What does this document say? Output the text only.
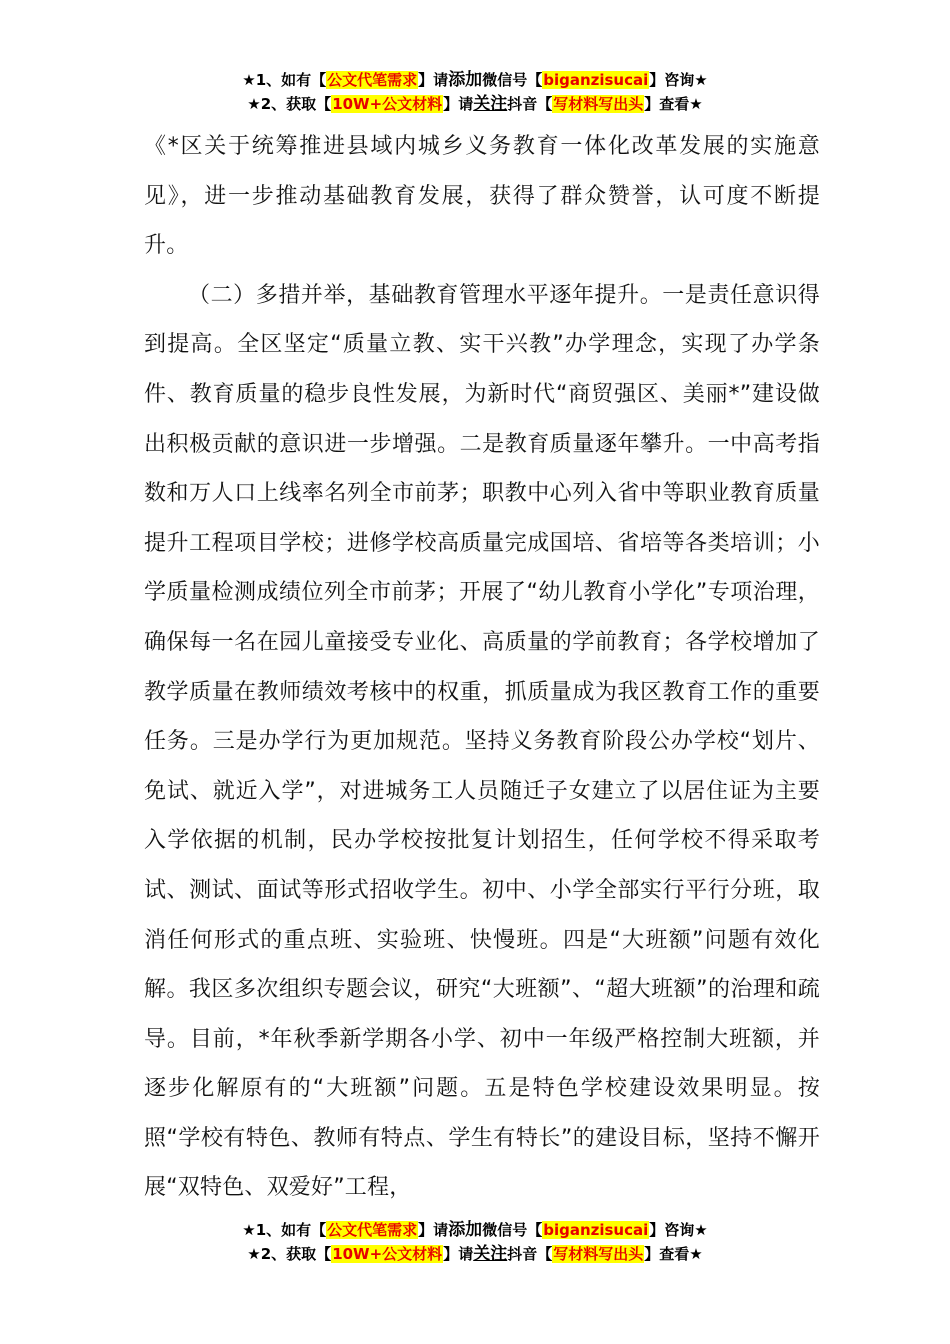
★1、如有【公文代笔需求】请添加微信号【biganzisucai】咨询★
★2、获取【10W+公文材料】请关注抖音【写材料写出头】查看★

《*区关于统筹推进县域内城乡义务教育一体化改革发展的实施意见》，进一步推动基础教育发展，获得了群众赞誉，认可度不断提升。

（二）多措并举，基础教育管理水平逐年提升。一是责任意识得到提高。全区坚定“质量立教、实干兴教”办学理念，实现了办学条件、教育质量的稳步良性发展，为新时代“商贸强区、美丽*”建设做出积极贡献的意识进一步增强。二是教育质量逐年攀升。一中高考指数和万人口上线率名列全市前茅；职教中心列入省中等职业教育质量提升工程项目学校；进修学校高质量完成国培、省培等各类培训；小学质量检测成绩位列全市前茅；开展了“幼儿教育小学化”专项治理，确保每一名在园儿童接受专业化、高质量的学前教育；各学校增加了教学质量在教师绩效考核中的权重，抓质量成为我区教育工作的重要任务。三是办学行为更加规范。坚持义务教育阶段公办学校“划片、免试、就近入学”，对进城务工人员随迁子女建立了以居住证为主要入学依据的机制，民办学校按批复计划招生，任何学校不得采取考试、测试、面试等形式招收学生。初中、小学全部实行平行分班，取消任何形式的重点班、实验班、快慢班。四是“大班额”问题有效化解。我区多次组织专题会议，研究“大班额”、“超大班额”的治理和疏导。目前，*年秋季新学期各小学、初中一年级严格控制大班额，并逐步化解原有的“大班额”问题。五是特色学校建设效果明显。按照“学校有特色、教师有特点、学生有特长”的建设目标，坚持不懈开展“双特色、双爱好”工程，

★1、如有【公文代笔需求】请添加微信号【biganzisucai】咨询★
★2、获取【10W+公文材料】请关注抖音【写材料写出头】查看★
